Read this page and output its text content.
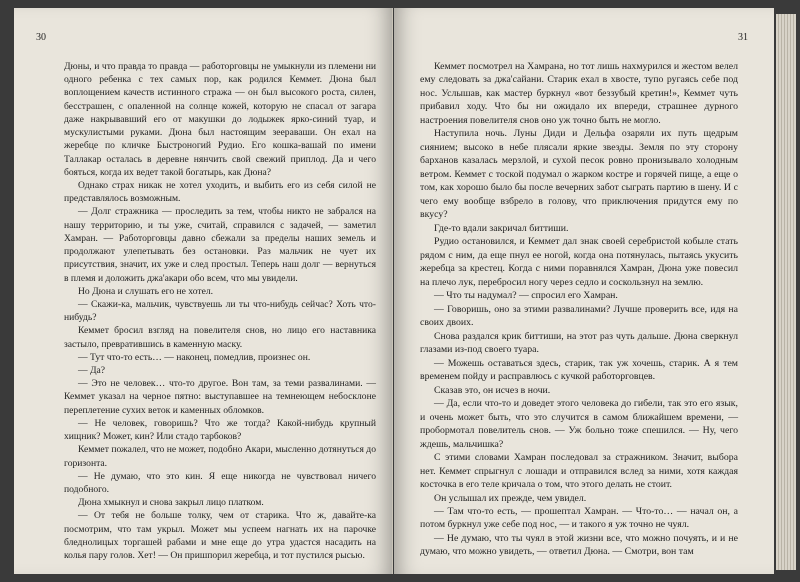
30

Дюны, и что правда то правда — работорговцы не умыкнули из племени ни одного ребенка с тех самых пор, как родился Кеммет. Дюна был воплощением качеств истинного стража — он был высокого роста, силен, бесстрашен, с опаленной на солнце кожей, которую не спасал от загара даже накрывавший его от макушки до лодыжек ярко-синий туар, и мускулистыми руками. Дюна был настоящим зеераваши. Он ехал на жеребце по кличке Быстроногий Рудио. Его кошка-вашай по имени Таллакар осталась в деревне нянчить свой свежий приплод. Да и чего бояться, когда их ведет такой богатырь, как Дюна?

Однако страх никак не хотел уходить, и выбить его из себя силой не представлялось возможным.

— Долг стражника — проследить за тем, чтобы никто не забрался на нашу территорию, и ты уже, считай, справился с задачей, — заметил Хамран. — Работорговцы давно сбежали за пределы наших земель и продолжают улепетывать без остановки. Раз мальчик не чует их присутствия, значит, их уже и след простыл. Теперь наш долг — вернуться в племя и доложить джа'акари обо всем, что мы увидели.

Но Дюна и слушать его не хотел.

— Скажи-ка, мальчик, чувствуешь ли ты что-нибудь сейчас? Хоть что-нибудь?

Кеммет бросил взгляд на повелителя снов, но лицо его наставника застыло, превратившись в каменную маску.

— Тут что-то есть… — наконец, помедлив, произнес он.

— Да?

— Это не человек… что-то другое. Вон там, за теми развалинами. — Кеммет указал на черное пятно: выступавшее на темнеющем небосклоне переплетение сухих веток и каменных обломков.

— Не человек, говоришь? Что же тогда? Какой-нибудь крупный хищник? Может, кин? Или стадо тарбоков?

Кеммет пожалел, что не может, подобно Акари, мысленно дотянуться до горизонта.

— Не думаю, что это кин. Я еще никогда не чувствовал ничего подобного.

Дюна хмыкнул и снова закрыл лицо платком.

— От тебя не больше толку, чем от старика. Что ж, давайте-ка посмотрим, что там укрыл. Может мы успеем нагнать их на парочке бледнолицых торгашей рабами и мне еще до утра удастся насадить на колья пару голов. Хет! — Он пришпорил жеребца, и тот пустился рысью.

31

Кеммет посмотрел на Хамрана, но тот лишь нахмурился и жестом велел ему следовать за джа'сайани. Старик ехал в хвосте, тупо ругаясь себе под нос. Услышав, как мастер буркнул «вот беззубый кретин!», Кеммет чуть прибавил ходу. Что бы ни ожидало их впереди, страшнее дурного настроения повелителя снов оно уж точно быть не могло.

Наступила ночь. Луны Диди и Дельфа озаряли их путь щедрым сиянием; высоко в небе плясали яркие звезды. Земля по эту сторону барханов казалась мерзлой, и сухой песок ровно пронизывало холодным ветром. Кеммет с тоской подумал о жарком костре и горячей пище, а еще о том, как хорошо было бы после вечерних забот сыграть партию в шену. И с чего ему вообще взбрело в голову, что приключения придутся ему по вкусу?

Где-то вдали закричал биттиши.

Рудио остановился, и Кеммет дал знак своей серебристой кобыле стать рядом с ним, да еще пнул ее ногой, когда она потянулась, пытаясь укусить жеребца за крестец. Когда с ними поравнялся Хамран, Дюна уже повесил на плечо лук, перебросил ногу через седло и соскользнул на землю.

— Что ты надумал? — спросил его Хамран.

— Говоришь, оно за этими развалинами? Лучше проверить все, идя на своих двоих.

Снова раздался крик биттиши, на этот раз чуть дальше. Дюна сверкнул глазами из-под своего туара.

— Можешь оставаться здесь, старик, так уж хочешь, старик. А я тем временем пойду и расправлюсь с кучкой работорговцев.

Сказав это, он исчез в ночи.

— Да, если что-то и доведет этого человека до гибели, так это его язык, и очень может быть, что это случится в самом ближайшем времени, — пробормотал повелитель снов. — Уж больно тоже спешился. — Ну, чего ждешь, мальчишка?

С этими словами Хамран последовал за стражником. Значит, выбора нет. Кеммет спрыгнул с лошади и отправился вслед за ними, хотя каждая косточка в его теле кричала о том, что этого делать не стоит.

Он услышал их прежде, чем увидел.

— Там что-то есть, — прошептал Хамран. — Что-то… — начал он, а потом буркнул уже себе под нос, — и такого я уж точно не чуял.

— Не думаю, что ты чуял в этой жизни все, что можно почуять, и и не думаю, что можно увидеть, — ответил Дюна. — Смотри, вон там
